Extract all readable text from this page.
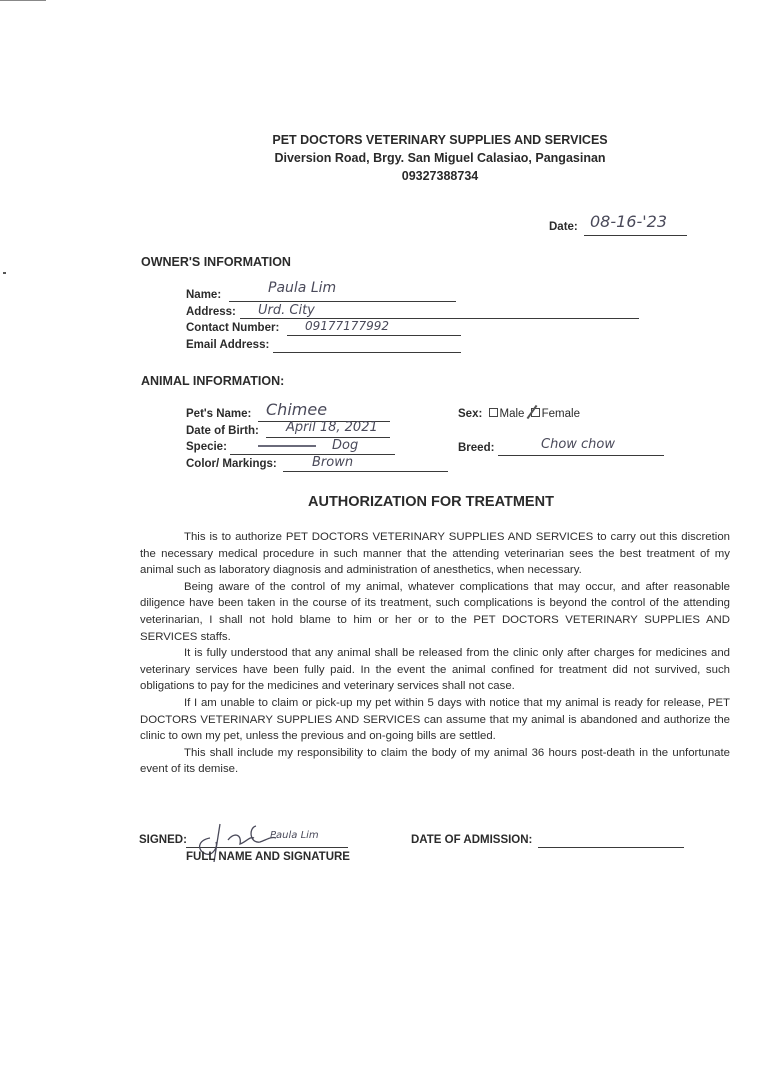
PET DOCTORS VETERINARY SUPPLIES AND SERVICES
Diversion Road, Brgy. San Miguel Calasiao, Pangasinan
09327388734
Date: 08-16-'23
OWNER'S INFORMATION
Name:	Paula Lim
Address: Urd. City
Contact Number: 09177177992
Email Address:
ANIMAL INFORMATION:
Pet's Name: Chimee
Date of Birth: April 18, 2021
Specie:	Dog
Color/ Markings:	Brown
Sex: Male Female
Breed:	Chow chow
AUTHORIZATION FOR TREATMENT

This is to authorize PET DOCTORS VETERINARY SUPPLIES AND SERVICES to carry out this discretion the necessary medical procedure in such manner that the attending veterinarian sees the best treatment of my animal such as laboratory diagnosis and administration of anesthetics, when necessary.

Being aware of the control of my animal, whatever complications that may occur, and after reasonable diligence have been taken in the course of its treatment, such complications is beyond the control of the attending veterinarian, I shall not hold blame to him or her or to the PET DOCTORS VETERINARY SUPPLIES AND SERVICES staffs.

It is fully understood that any animal shall be released from the clinic only after charges for medicines and veterinary services have been fully paid. In the event the animal confined for treatment did not survived, such obligations to pay for the medicines and veterinary services shall not case.

If I am unable to claim or pick-up my pet within 5 days with notice that my animal is ready for release, PET DOCTORS VETERINARY SUPPLIES AND SERVICES can assume that my animal is abandoned and authorize the clinic to own my pet, unless the previous and on-going bills are settled.

This shall include my responsibility to claim the body of my animal 36 hours post-death in the unfortunate event of its demise.

SIGNED:	Paula Lim
FULL NAME AND SIGNATURE
DATE OF ADMISSION:
